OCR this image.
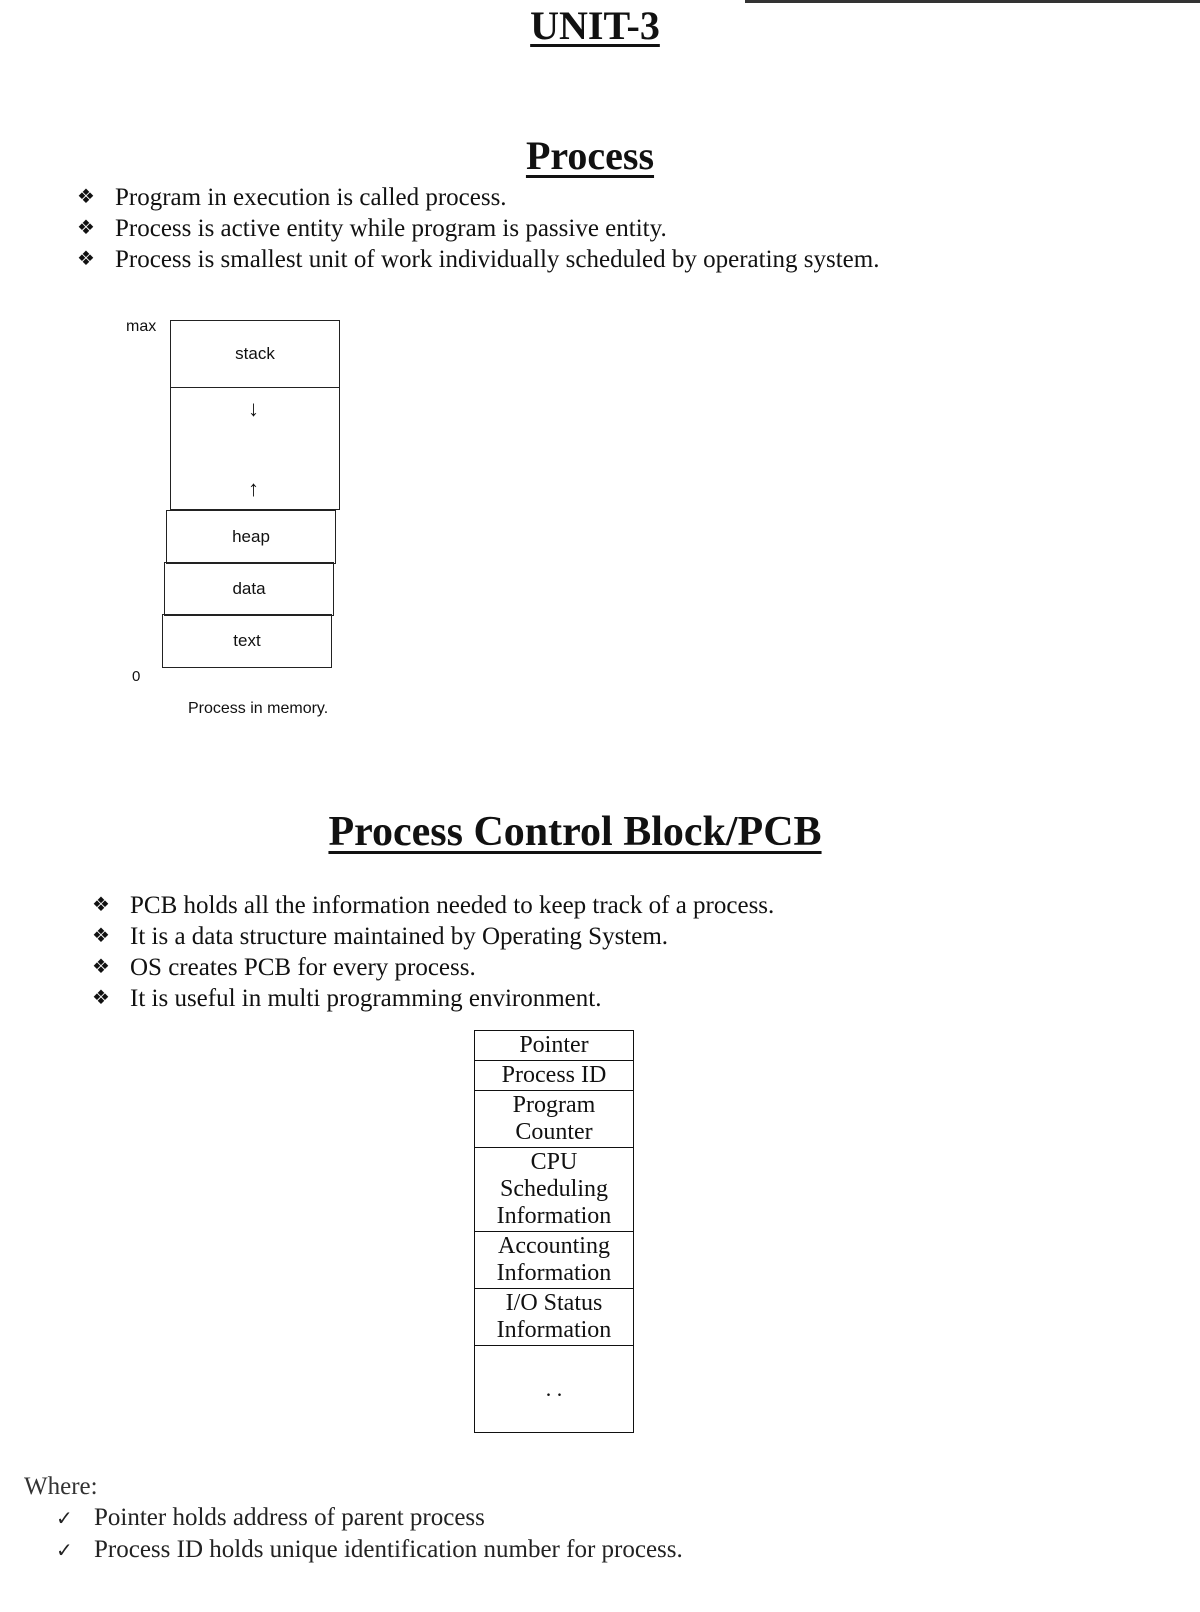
UNIT-3
Process
❖ Program in execution is called process.
❖ Process is active entity while program is passive entity.
❖ Process is smallest unit of work individually scheduled by operating system.
max
stack
↓
↑
heap
data
text
0
Process in memory.
Process Control Block/PCB
❖ PCB holds all the information needed to keep track of a process.
❖ It is a data structure maintained by Operating System.
❖ OS creates PCB for every process.
❖ It is useful in multi programming environment.
Pointer
Process ID
Program Counter
CPU Scheduling Information
Accounting Information
I/O Status Information
. .
Where:
✓ Pointer holds address of parent process
✓ Process ID holds unique identification number for process.
